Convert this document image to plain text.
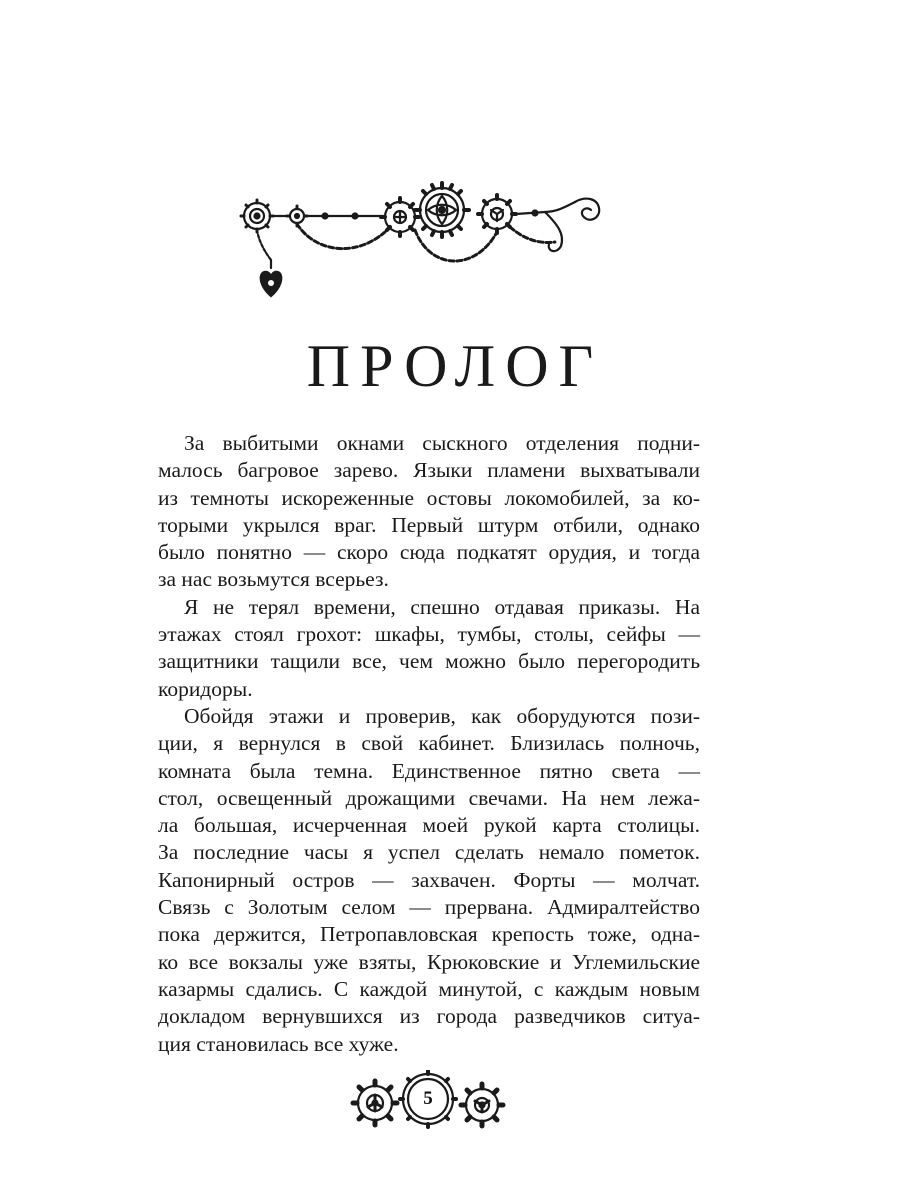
ПРОЛОГ

За выбитыми окнами сыскного отделения подни-
малось багровое зарево. Языки пламени выхватывали
из темноты искореженные остовы локомобилей, за ко-
торыми укрылся враг. Первый штурм отбили, однако
было понятно — скоро сюда подкатят орудия, и тогда
за нас возьмутся всерьез.

Я не терял времени, спешно отдавая приказы. На
этажах стоял грохот: шкафы, тумбы, столы, сейфы —
защитники тащили все, чем можно было перегородить
коридоры.

Обойдя этажи и проверив, как оборудуются пози-
ции, я вернулся в свой кабинет. Близилась полночь,
комната была темна. Единственное пятно света —
стол, освещенный дрожащими свечами. На нем лежа-
ла большая, исчерченная моей рукой карта столицы.
За последние часы я успел сделать немало пометок.
Капонирный остров — захвачен. Форты — молчат.
Связь с Золотым селом — прервана. Адмиралтейство
пока держится, Петропавловская крепость тоже, одна-
ко все вокзалы уже взяты, Крюковские и Углемильские
казармы сдались. С каждой минутой, с каждым новым
докладом вернувшихся из города разведчиков ситуа-
ция становилась все хуже.

5
